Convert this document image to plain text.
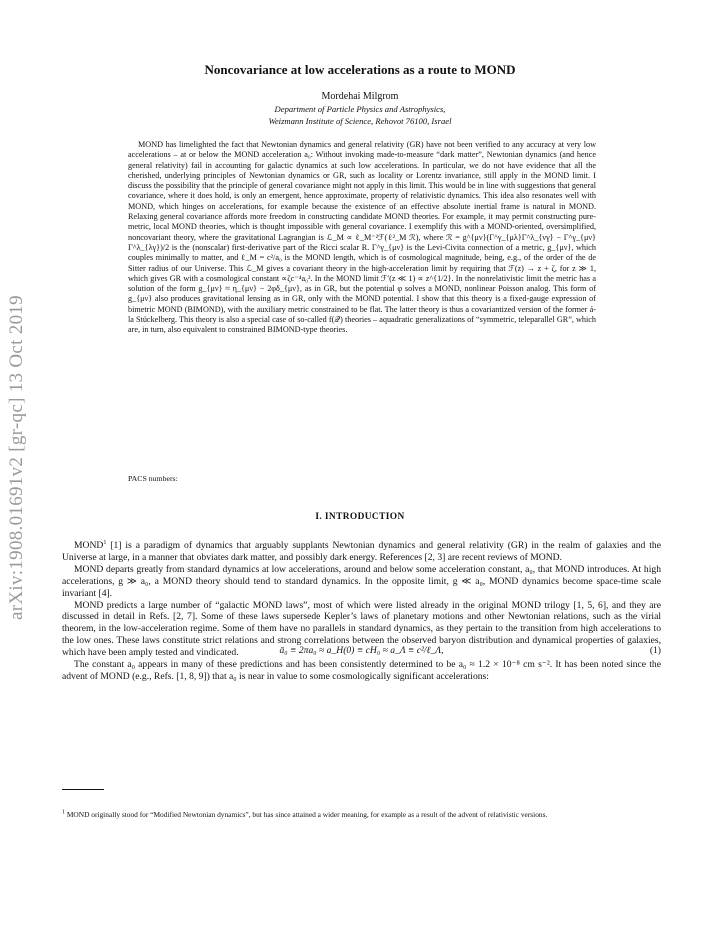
arXiv:1908.01691v2 [gr-qc] 13 Oct 2019
Noncovariance at low accelerations as a route to MOND
Mordehai Milgrom
Department of Particle Physics and Astrophysics,
Weizmann Institute of Science, Rehovot 76100, Israel
MOND has limelighted the fact that Newtonian dynamics and general relativity (GR) have not been verified to any accuracy at very low accelerations – at or below the MOND acceleration a₀: Without invoking made-to-measure “dark matter”, Newtonian dynamics (and hence general relativity) fail in accounting for galactic dynamics at such low accelerations. In particular, we do not have evidence that all the cherished, underlying principles of Newtonian dynamics or GR, such as locality or Lorentz invariance, still apply in the MOND limit. I discuss the possibility that the principle of general covariance might not apply in this limit. This would be in line with suggestions that general covariance, where it does hold, is only an emergent, hence approximate, property of relativistic dynamics. This idea also resonates well with MOND, which hinges on accelerations, for example because the existence of an effective absolute inertial frame is natural in MOND. Relaxing general covariance affords more freedom in constructing candidate MOND theories. For example, it may permit constructing pure-metric, local MOND theories, which is thought impossible with general covariance. I exemplify this with a MOND-oriented, oversimplified, noncovariant theory, where the gravitational Lagrangian is ℒ_M ∝ ℓ_M⁻²ℱ(ℓ²_M ℛ), where ℛ = g^{μν}(Γ^γ_{μλ}Γ^λ_{νγ} − Γ^γ_{μν}Γ^λ_{λγ})/2 is the (nonscalar) first-derivative part of the Ricci scalar R. Γ^γ_{μν} is the Levi-Civita connection of a metric, g_{μν}, which couples minimally to matter, and ℓ_M = c²/a₀ is the MOND length, which is of cosmological magnitude, being, e.g., of the order of the de Sitter radius of our Universe. This ℒ_M gives a covariant theory in the high-acceleration limit by requiring that ℱ(z) → z + ζ, for z ≫ 1, which gives GR with a cosmological constant ∝ζc⁻⁴a₀². In the MOND limit ℱ′(z ≪ 1) ∝ z^{1/2}. In the nonrelativistic limit the metric has a solution of the form g_{μν} ≈ η_{μν} − 2φδ_{μν}, as in GR, but the potential φ solves a MOND, nonlinear Poisson analog. This form of g_{μν} also produces gravitational lensing as in GR, only with the MOND potential. I show that this theory is a fixed-gauge expression of bimetric MOND (BIMOND), with the auxiliary metric constrained to be flat. The latter theory is thus a covariantized version of the former á-la Stückelberg. This theory is also a special case of so-called f(𝒬) theories – aquadratic generalizations of “symmetric, teleparallel GR”, which are, in turn, also equivalent to constrained BIMOND-type theories.
PACS numbers:
I. INTRODUCTION

MOND$^1$ [1] is a paradigm of dynamics that arguably supplants Newtonian dynamics and general relativity (GR) in the realm of galaxies and the Universe at large, in a manner that obviates dark matter, and possibly dark energy. References [2, 3] are recent reviews of MOND.

MOND departs greatly from standard dynamics at low accelerations, around and below some acceleration constant, a₀, that MOND introduces. At high accelerations, g ≫ a₀, a MOND theory should tend to standard dynamics. In the opposite limit, g ≪ a₀, MOND dynamics become space-time scale invariant [4].

MOND predicts a large number of “galactic MOND laws”, most of which were listed already in the original MOND trilogy [1, 5, 6], and they are discussed in detail in Refs. [2, 7]. Some of these laws supersede Kepler’s laws of planetary motions and other Newtonian relations, such as the virial theorem, in the low-acceleration regime. Some of them have no parallels in standard dynamics, as they pertain to the transition from high accelerations to the low ones. These laws constitute strict relations and strong correlations between the observed baryon distribution and dynamical properties of galaxies, which have been amply tested and vindicated.

The constant a₀ appears in many of these predictions and has been consistently determined to be a₀ ≈ 1.2 × 10⁻⁸ cm s⁻². It has been noted since the advent of MOND (e.g., Refs. [1, 8, 9]) that a₀ is near in value to some cosmologically significant accelerations:

ā₀ ≡ 2πa₀ ≈ a_H(0) ≡ cH₀ ≈ a_Λ ≡ c²/ℓ_Λ,	(1)
$^1$ MOND originally stood for “Modified Newtonian dynamics”, but has since attained a wider meaning, for example as a result of the advent of relativistic versions.
